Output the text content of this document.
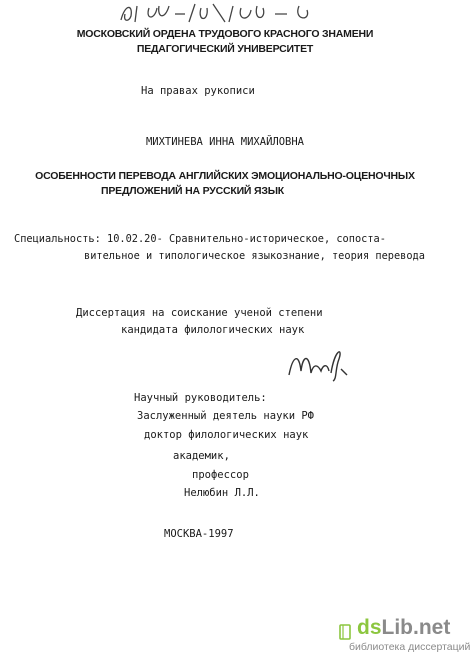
61:99-10/1546-6
МОСКОВСКИЙ ОРДЕНА ТРУДОВОГО КРАСНОГО ЗНАМЕНИ
ПЕДАГОГИЧЕСКИЙ УНИВЕРСИТЕТ
На правах рукописи
МИХТИНЕВА ИННА МИХАЙЛОВНА
ОСОБЕННОСТИ ПЕРЕВОДА АНГЛИЙСКИХ ЭМОЦИОНАЛЬНО-ОЦЕНОЧНЫХ
ПРЕДЛОЖЕНИЙ НА РУССКИЙ ЯЗЫК
Специальность: 10.02.20- Сравнительно-историческое, сопоста-
вительное и типологическое языкознание, теория перевода
Диссертация на соискание ученой степени
кандидата филологических наук
Маф.
Научный руководитель:
Заслуженный деятель науки РФ
доктор филологических наук
академик,
профессор
Нелюбин Л.Л.
МОСКВА-1997
dsLib.net
библиотека диссертаций
